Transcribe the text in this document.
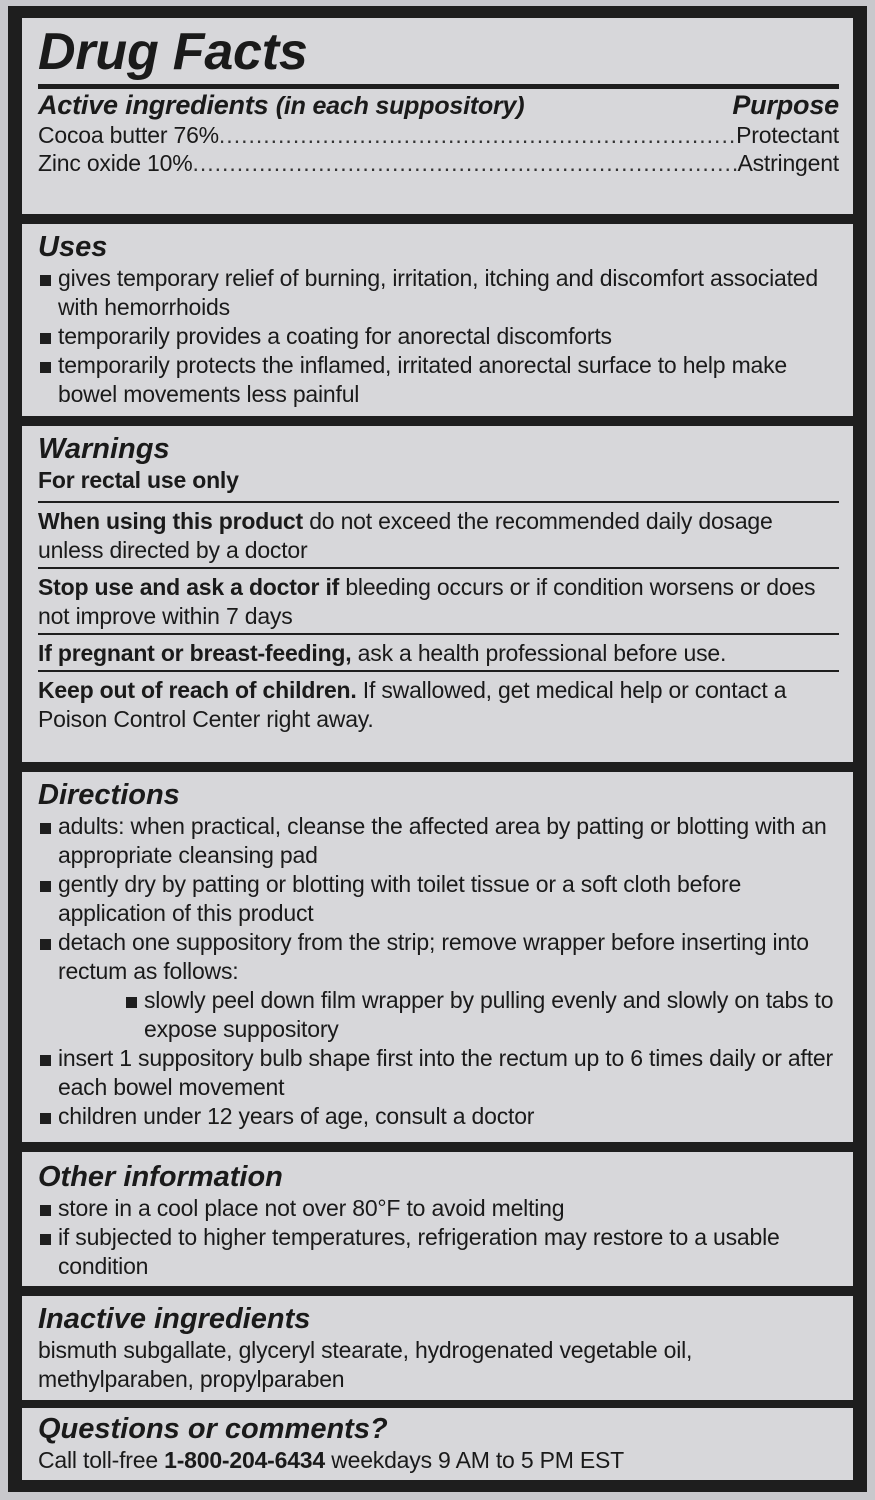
Drug Facts
Active ingredients (in each suppository)	Purpose
Cocoa butter 76% .....	Protectant
Zinc oxide 10% .....	Astringent
Uses
gives temporary relief of burning, irritation, itching and discomfort associated with hemorrhoids
temporarily provides a coating for anorectal discomforts
temporarily protects the inflamed, irritated anorectal surface to help make bowel movements less painful
Warnings
For rectal use only
When using this product do not exceed the recommended daily dosage unless directed by a doctor
Stop use and ask a doctor if bleeding occurs or if condition worsens or does not improve within 7 days
If pregnant or breast-feeding, ask a health professional before use.
Keep out of reach of children. If swallowed, get medical help or contact a Poison Control Center right away.
Directions
adults: when practical, cleanse the affected area by patting or blotting with an appropriate cleansing pad
gently dry by patting or blotting with toilet tissue or a soft cloth before application of this product
detach one suppository from the strip; remove wrapper before inserting into rectum as follows:
slowly peel down film wrapper by pulling evenly and slowly on tabs to expose suppository
insert 1 suppository bulb shape first into the rectum up to 6 times daily or after each bowel movement
children under 12 years of age, consult a doctor
Other information
store in a cool place not over 80°F to avoid melting
if subjected to higher temperatures, refrigeration may restore to a usable condition
Inactive ingredients
bismuth subgallate, glyceryl stearate, hydrogenated vegetable oil, methylparaben, propylparaben
Questions or comments?
Call toll-free 1-800-204-6434 weekdays 9 AM to 5 PM EST
